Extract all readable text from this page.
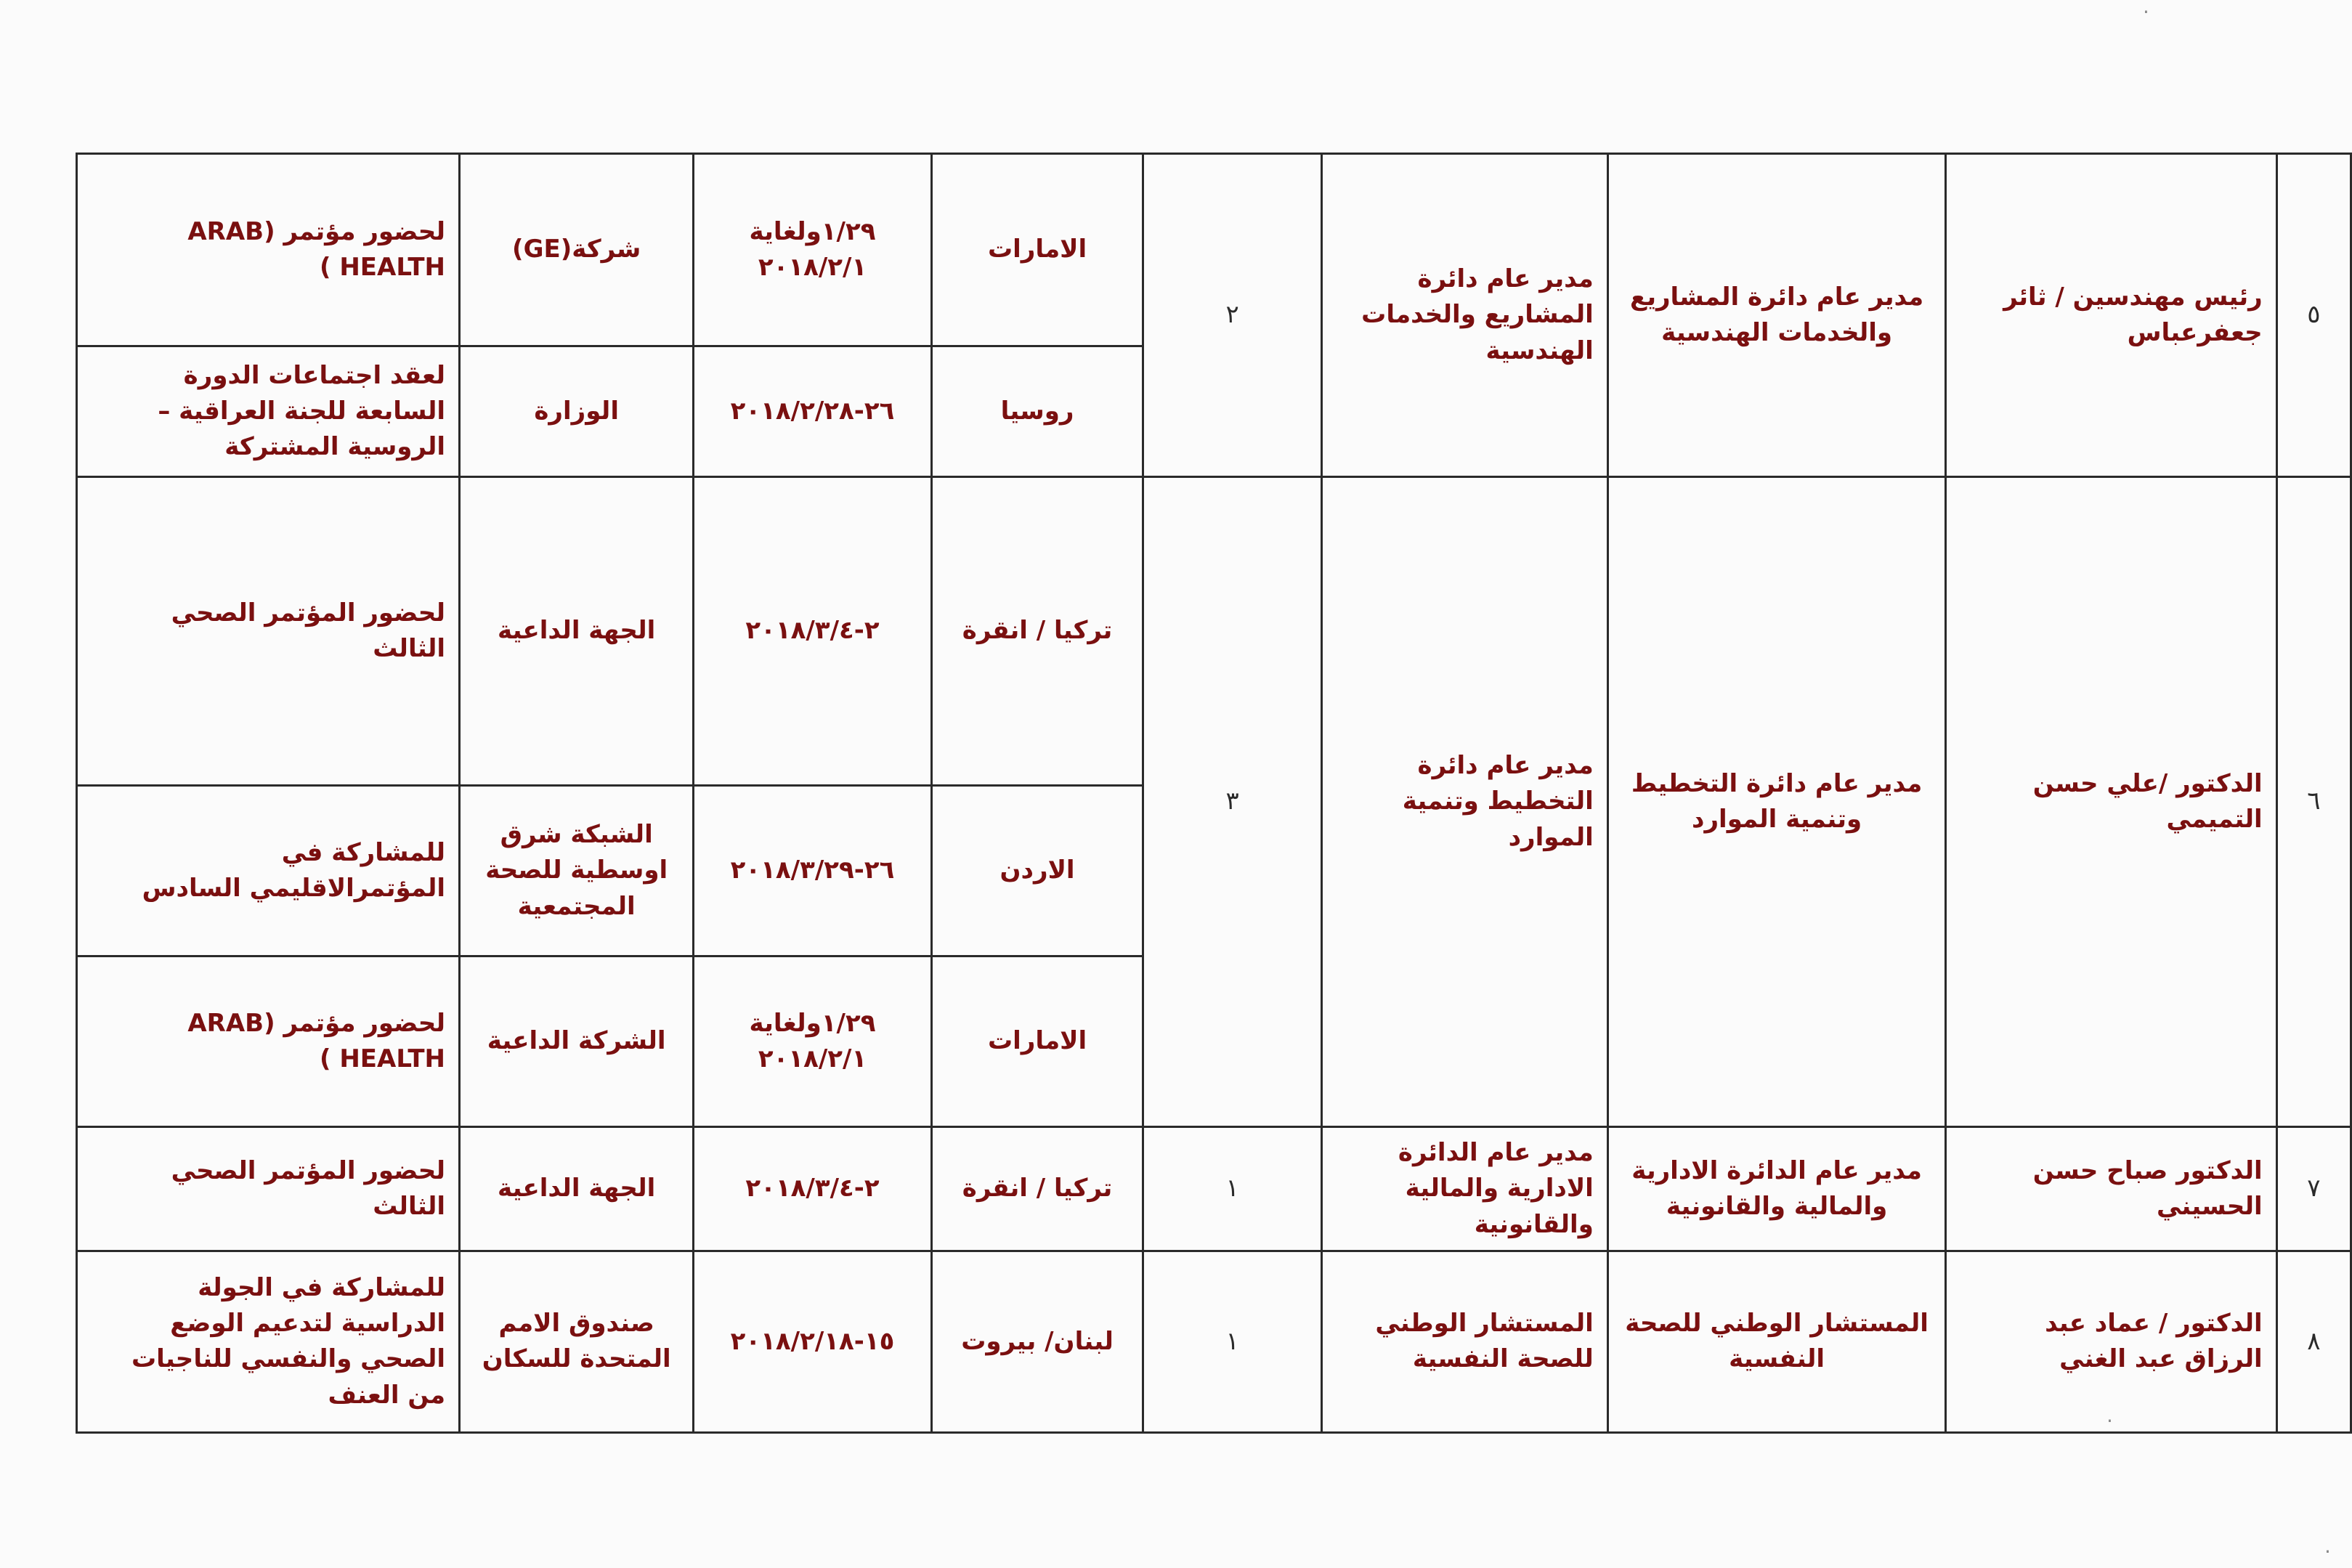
٥	رئيس مهندسين / ثائر جعفرعباس	مدير عام دائرة المشاريع والخدمات الهندسية	مدير عام دائرة المشاريع والخدمات الهندسية	٢	الامارات	١/٢٩ولغاية ٢٠١٨/٢/١	شركة(GE)	لحضور مؤتمر (ARAB HEALTH )
					روسيا	٢٦-٢٠١٨/٢/٢٨	الوزارة	لعقد اجتماعات الدورة السابعة للجنة العراقية – الروسية المشتركة
٦	الدكتور /علي حسن التميمي	مدير عام دائرة التخطيط وتنمية الموارد	مدير عام دائرة التخطيط وتنمية الموارد	٣	تركيا / انقرة	٢-٢٠١٨/٣/٤	الجهة الداعية	لحضور المؤتمر الصحي الثالث
					الاردن	٢٦-٢٠١٨/٣/٢٩	الشبكة شرق اوسطية للصحة المجتمعية	للمشاركة في المؤتمرالاقليمي السادس
					الامارات	١/٢٩ولغاية ٢٠١٨/٢/١	الشركة الداعية	لحضور مؤتمر (ARAB HEALTH )
٧	الدكتور صباح حسن الحسيني	مدير عام الدائرة الادارية والمالية والقانونية	مدير عام الدائرة الادارية والمالية والقانونية	١	تركيا / انقرة	٢-٢٠١٨/٣/٤	الجهة الداعية	لحضور المؤتمر الصحي الثالث
٨	الدكتور / عماد عبد الرزاق عبد الغني	المستشار الوطني للصحة النفسية	المستشار الوطني للصحة النفسية	١	لبنان/ بيروت	١٥-٢٠١٨/٢/١٨	صندوق الامم المتحدة للسكان	للمشاركة في الجولة الدراسية لتدعيم الوضع الصحي والنفسي للناجيات من العنف
·
·
·
